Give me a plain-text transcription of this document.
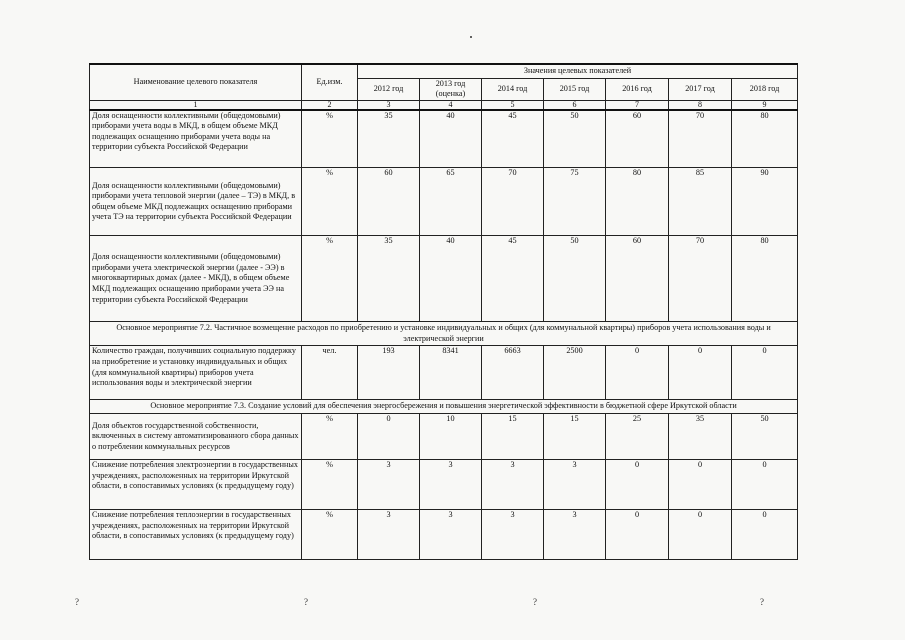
Наименование целевого показателя	Ед.изм.	Значения целевых показателей						
		2012 год	2013 год (оценка)	2014 год	2015 год	2016 год	2017 год	2018 год
1	2	3	4	5	6	7	8	9
Доля оснащенности коллективными (общедомовыми) приборами учета воды в МКД, в общем объеме МКД подлежащих оснащению приборами учета воды на территории субъекта Российской Федерации	%	35	40	45	50	60	70	80
Доля оснащенности коллективными (общедомовыми) приборами учета тепловой энергии (далее – ТЭ) в МКД, в общем объеме МКД подлежащих оснащению приборами учета ТЭ на территории субъекта Российской Федерации	%	60	65	70	75	80	85	90
Доля оснащенности коллективными (общедомовыми) приборами учета электрической энергии (далее - ЭЭ) в многоквартирных домах (далее - МКД), в общем объеме МКД подлежащих оснащению приборами учета ЭЭ на территории субъекта Российской Федерации	%	35	40	45	50	60	70	80
Основное мероприятие 7.2. Частичное возмещение расходов по приобретению и установке индивидуальных и общих (для коммунальной квартиры) приборов учета использования воды и электрической энергии								
Количество граждан, получивших социальную поддержку на приобретение и установку индивидуальных и общих (для коммунальной квартиры) приборов учета использования воды и электрической энергии	чел.	193	8341	6663	2500	0	0	0
Основное мероприятие 7.3. Создание условий для обеспечения энергосбережения и повышения энергетической эффективности в бюджетной сфере Иркутской области								
Доля объектов государственной собственности, включенных в систему автоматизированного сбора данных о потреблении коммунальных ресурсов	%	0	10	15	15	25	35	50
Снижение потребления электроэнергии в государственных учреждениях, расположенных на территории Иркутской области, в сопоставимых условиях (к предыдущему году)	%	3	3	3	3	0	0	0
Снижение потребления теплоэнергии в государственных учреждениях, расположенных на территории Иркутской области, в сопоставимых условиях (к предыдущему году)	%	3	3	3	3	0	0	0
?	?	?	?
